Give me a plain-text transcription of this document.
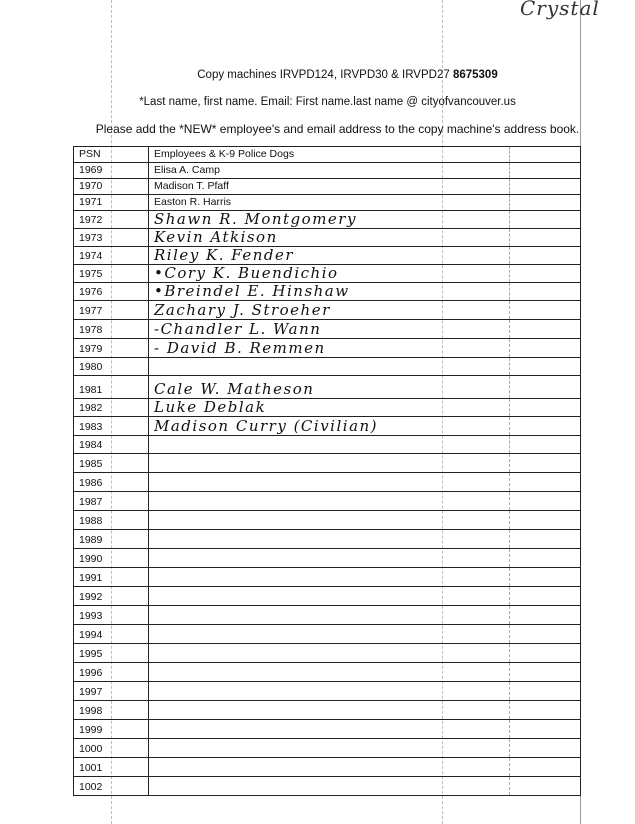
Crystal
Copy machines IRVPD124, IRVPD30 & IRVPD27 8675309
*Last name, first name. Email: First name.last name @ cityofvancouver.us
Please add the *NEW* employee's and email address to the copy machine's address book.
PSN	Employees & K-9 Police Dogs	
1969	Elisa A. Camp	
1970	Madison T. Pfaff	
1971	Easton R. Harris	
1972	Shawn R. Montgomery	
1973	Kevin Atkison	
1974	Riley K. Fender	
1975	•Cory K. Buendichio	
1976	•Breindel E. Hinshaw	
1977	Zachary J. Stroeher	
1978	-Chandler L. Wann	
1979	- David B. Remmen	
1980		
1981	Cale W. Matheson	
1982	Luke Deblak	
1983	Madison Curry (Civilian)	
1984		
1985		
1986		
1987		
1988		
1989		
1990		
1991		
1992		
1993		
1994		
1995		
1996		
1997		
1998		
1999		
1000		
1001		
1002		
